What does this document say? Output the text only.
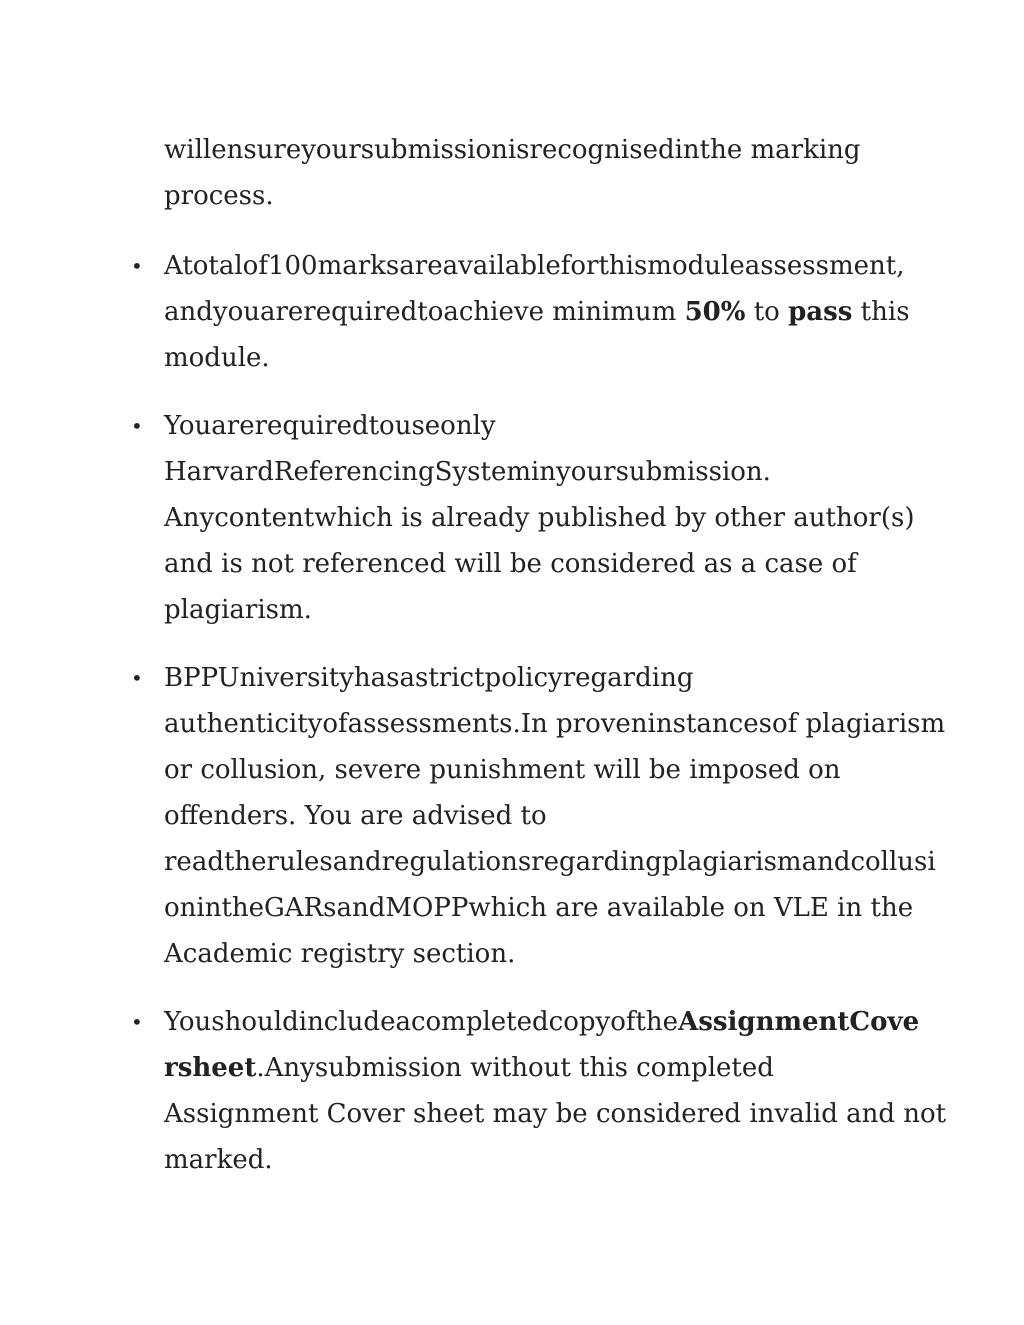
willensureyoursubmissionisrecognisedinthe marking
process.

• Atotalof100marksareavailableforthismoduleassessment,
andyouarerequiredtoachieve minimum 50% to pass this
module.
• Youarerequiredtouseonly
HarvardReferencingSysteminyoursubmission.
Anycontentwhich is already published by other author(s)
and is not referenced will be considered as a case of
plagiarism.
• BPPUniversityhasastrictpolicyregarding
authenticityofassessments.In proveninstancesof plagiarism
or collusion, severe punishment will be imposed on
offenders. You are advised to
readtherulesandregulationsregardingplagiarismandcollusi
onintheGARsandMOPPwhich are available on VLE in the
Academic registry section.
• YoushouldincludeacompletedcopyoftheAssignmentCove
rsheet.Anysubmission without this completed
Assignment Cover sheet may be considered invalid and not
marked.
